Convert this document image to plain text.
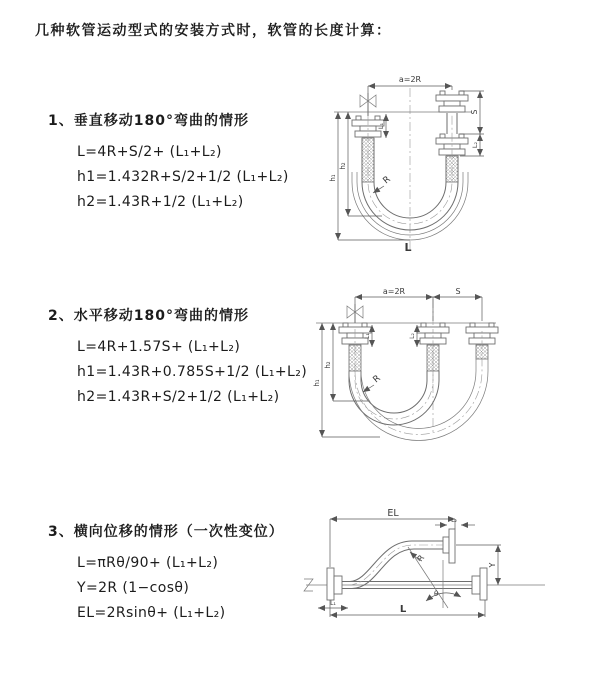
几种软管运动型式的安装方式时，软管的长度计算：
1、垂直移动180°弯曲的情形
L=4R+S/2+ (L₁+L₂)
h1=1.432R+S/2+1/2 (L₁+L₂)
h2=1.43R+1/2 (L₁+L₂)
2、水平移动180°弯曲的情形
L=4R+1.57S+ (L₁+L₂)
h1=1.43R+0.785S+1/2 (L₁+L₂)
h2=1.43R+S/2+1/2 (L₁+L₂)
3、横向位移的情形（一次性变位）
L=πRθ/90+ (L₁+L₂)
Y=2R (1−cosθ)
EL=2Rsinθ+ (L₁+L₂)
a=2R
h₁
h₂
L₁
S
L₂
R
L
a=2R	S
h₁
h₂
L₁	L₂
R
θ
EL
L₂
Y
L₁
L
R
